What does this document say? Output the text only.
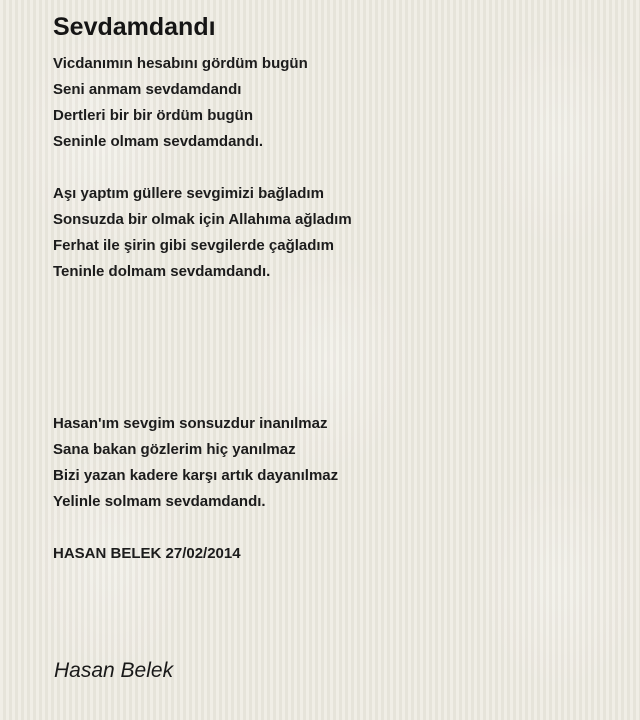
Sevdamdandı
Vicdanımın hesabını gördüm bugün
Seni anmam sevdamdandı
Dertleri bir bir ördüm bugün
Seninle olmam sevdamdandı.
Aşı yaptım güllere sevgimizi bağladım
Sonsuzda bir olmak için Allahıma ağladım
Ferhat ile şirin gibi sevgilerde çağladım
Teninle dolmam sevdamdandı.
Hasan'ım sevgim sonsuzdur inanılmaz
Sana bakan gözlerim hiç yanılmaz
Bizi yazan kadere karşı artık dayanılmaz
Yelinle solmam sevdamdandı.

HASAN BELEK 27/02/2014

Hasan Belek
